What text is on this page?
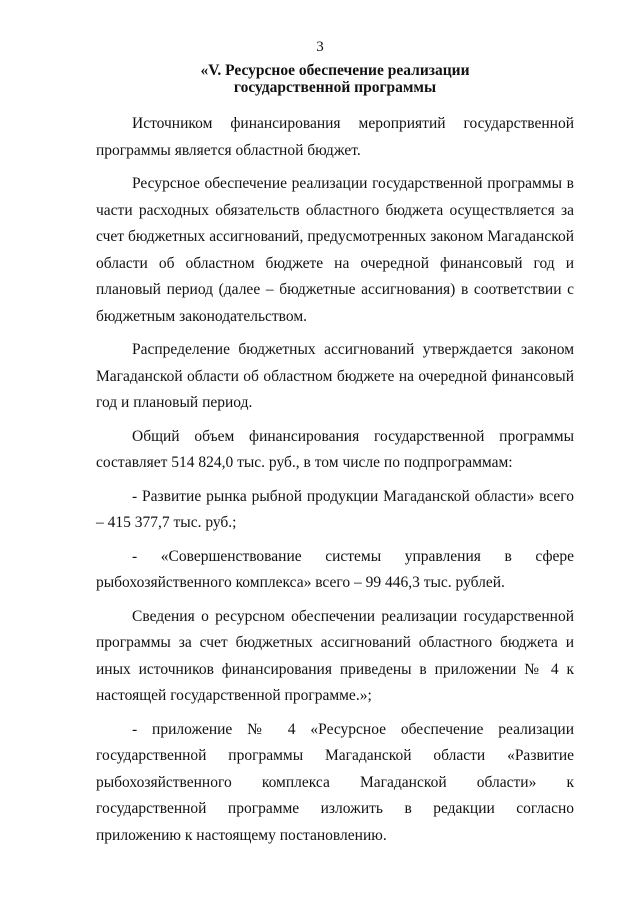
3
«V. Ресурсное обеспечение реализации
государственной программы

Источником финансирования мероприятий государственной программы является областной бюджет.

Ресурсное обеспечение реализации государственной программы в части расходных обязательств областного бюджета осуществляется за счет бюджетных ассигнований, предусмотренных законом Магаданской области об областном бюджете на очередной финансовый год и плановый период (далее – бюджетные ассигнования) в соответствии с бюджетным законодательством.

Распределение бюджетных ассигнований утверждается законом Магаданской области об областном бюджете на очередной финансовый год и плановый период.

Общий объем финансирования государственной программы составляет 514 824,0 тыс. руб., в том числе по подпрограммам:

- Развитие рынка рыбной продукции Магаданской области» всего – 415 377,7 тыс. руб.;

- «Совершенствование системы управления в сфере рыбохозяйственного комплекса» всего – 99 446,3 тыс. рублей.

Сведения о ресурсном обеспечении реализации государственной программы за счет бюджетных ассигнований областного бюджета и иных источников финансирования приведены в приложении № 4 к настоящей государственной программе.»;

- приложение № 4 «Ресурсное обеспечение реализации государственной программы Магаданской области «Развитие рыбохозяйственного комплекса Магаданской области» к государственной программе изложить в редакции согласно приложению к настоящему постановлению.
